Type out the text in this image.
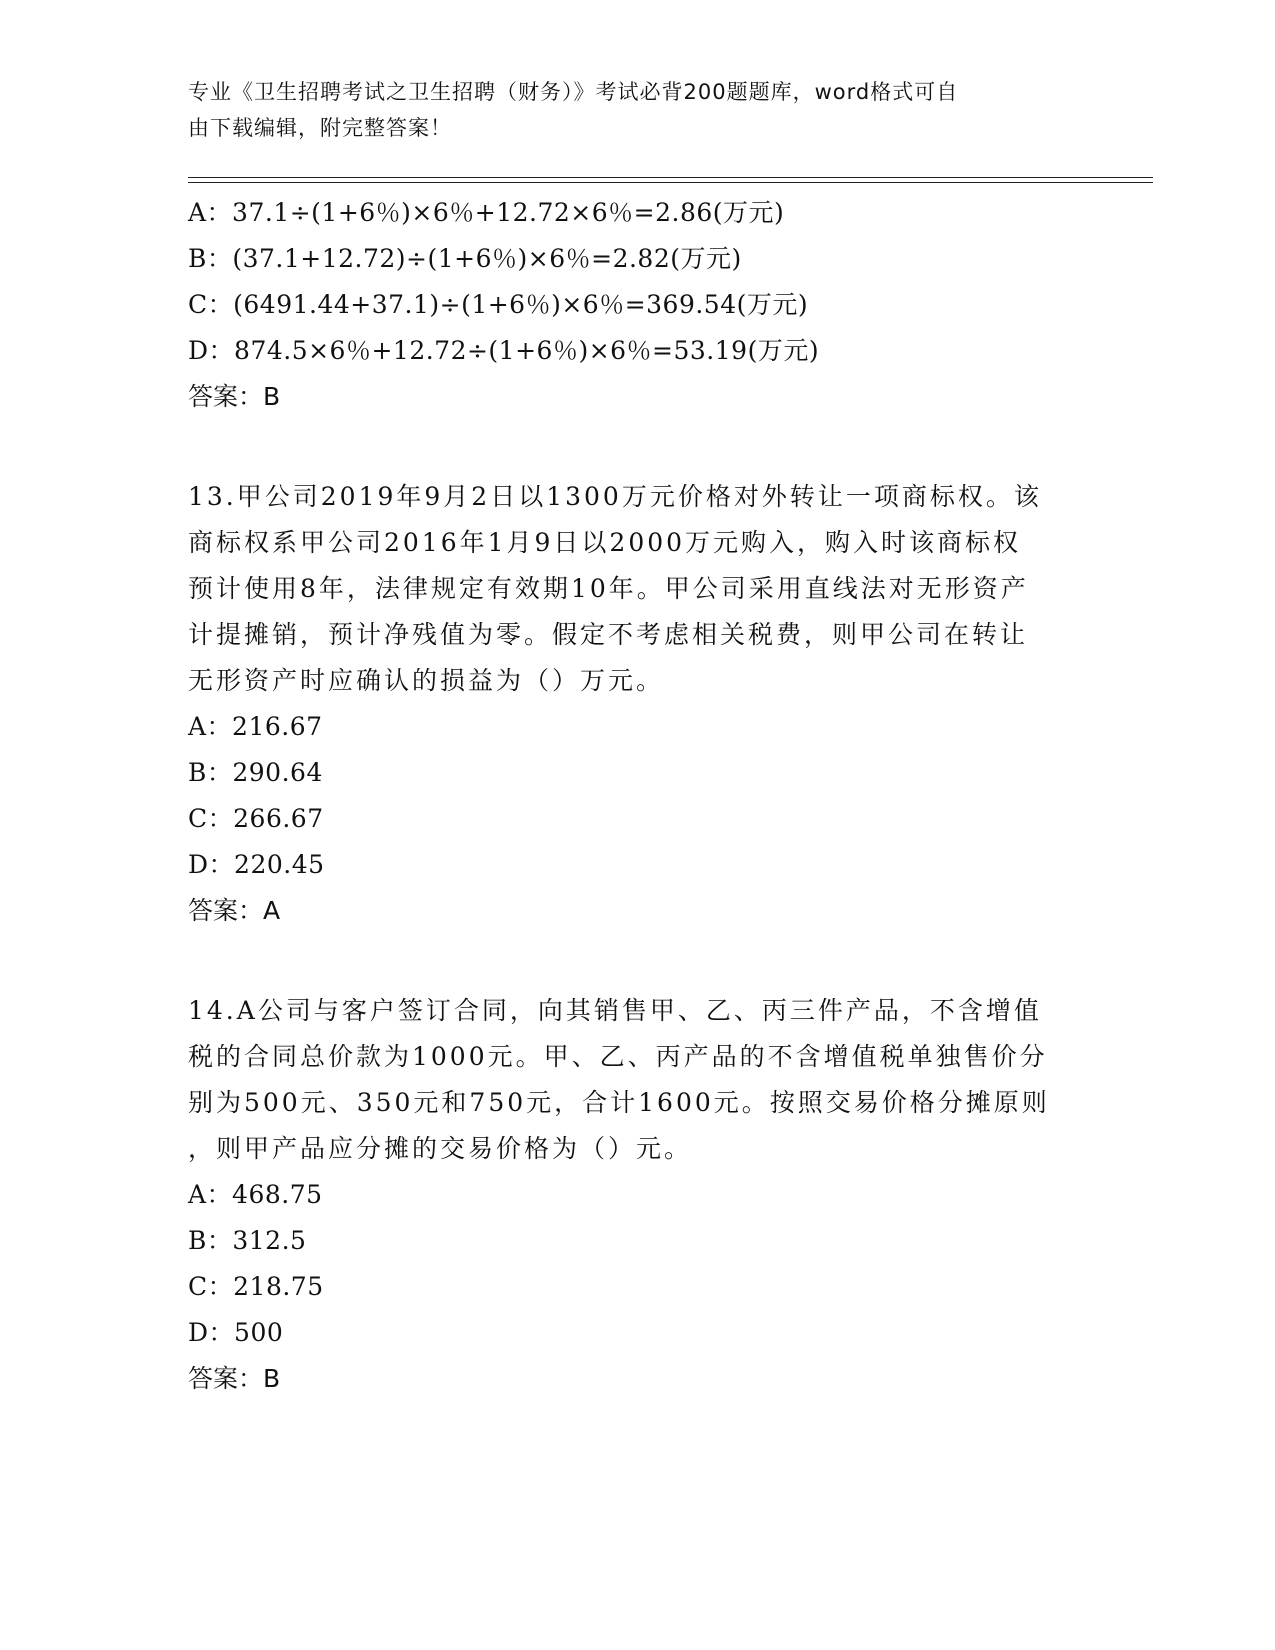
专业《卫生招聘考试之卫生招聘（财务）》考试必背200题题库，word格式可自
由下载编辑，附完整答案！
A：37.1÷(1+6％)×6％+12.72×6％=2.86(万元)
B：(37.1+12.72)÷(1+6％)×6％=2.82(万元)
C：(6491.44+37.1)÷(1+6％)×6％=369.54(万元)
D：874.5×6％+12.72÷(1+6％)×6％=53.19(万元)
答案：B
13.甲公司2019年9月2日以1300万元价格对外转让一项商标权。该
商标权系甲公司2016年1月9日以2000万元购入，购入时该商标权
预计使用8年，法律规定有效期10年。甲公司采用直线法对无形资产
计提摊销，预计净残值为零。假定不考虑相关税费，则甲公司在转让
无形资产时应确认的损益为（）万元。
A：216.67
B：290.64
C：266.67
D：220.45
答案：A
14.A公司与客户签订合同，向其销售甲、乙、丙三件产品，不含增值
税的合同总价款为1000元。甲、乙、丙产品的不含增值税单独售价分
别为500元、350元和750元，合计1600元。按照交易价格分摊原则
，则甲产品应分摊的交易价格为（）元。
A：468.75
B：312.5
C：218.75
D：500
答案：B
